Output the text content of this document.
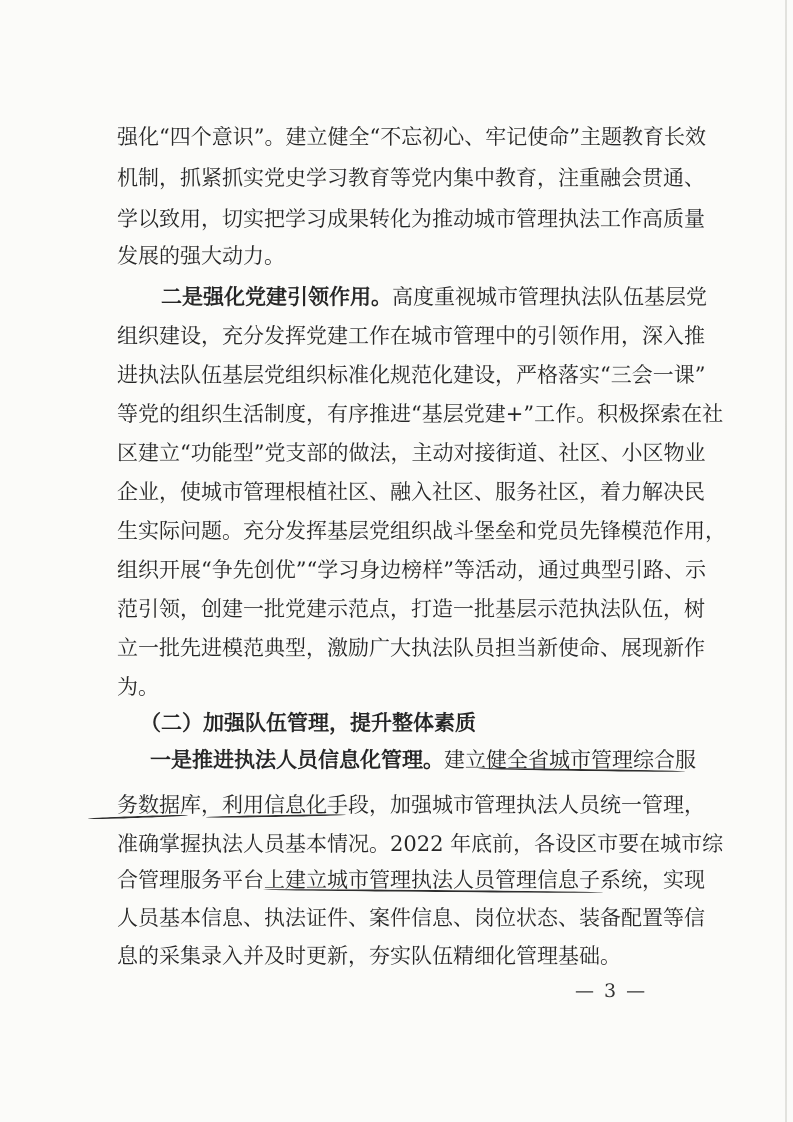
强化“四个意识”。建立健全“不忘初心、牢记使命”主题教育长效
机制，抓紧抓实党史学习教育等党内集中教育，注重融会贯通、
学以致用，切实把学习成果转化为推动城市管理执法工作高质量
发展的强大动力。
二是强化党建引领作用。高度重视城市管理执法队伍基层党
组织建设，充分发挥党建工作在城市管理中的引领作用，深入推
进执法队伍基层党组织标准化规范化建设，严格落实“三会一课”
等党的组织生活制度，有序推进“基层党建+”工作。积极探索在社
区建立“功能型”党支部的做法，主动对接街道、社区、小区物业
企业，使城市管理根植社区、融入社区、服务社区，着力解决民
生实际问题。充分发挥基层党组织战斗堡垒和党员先锋模范作用，
组织开展“争先创优”“学习身边榜样”等活动，通过典型引路、示
范引领，创建一批党建示范点，打造一批基层示范执法队伍，树
立一批先进模范典型，激励广大执法队员担当新使命、展现新作
为。
（二）加强队伍管理，提升整体素质
一是推进执法人员信息化管理。建立健全省城市管理综合服
务数据库，利用信息化手段，加强城市管理执法人员统一管理，
准确掌握执法人员基本情况。2022 年底前，各设区市要在城市综
合管理服务平台上建立城市管理执法人员管理信息子系统，实现
人员基本信息、执法证件、案件信息、岗位状态、装备配置等信
息的采集录入并及时更新，夯实队伍精细化管理基础。
— 3 —
